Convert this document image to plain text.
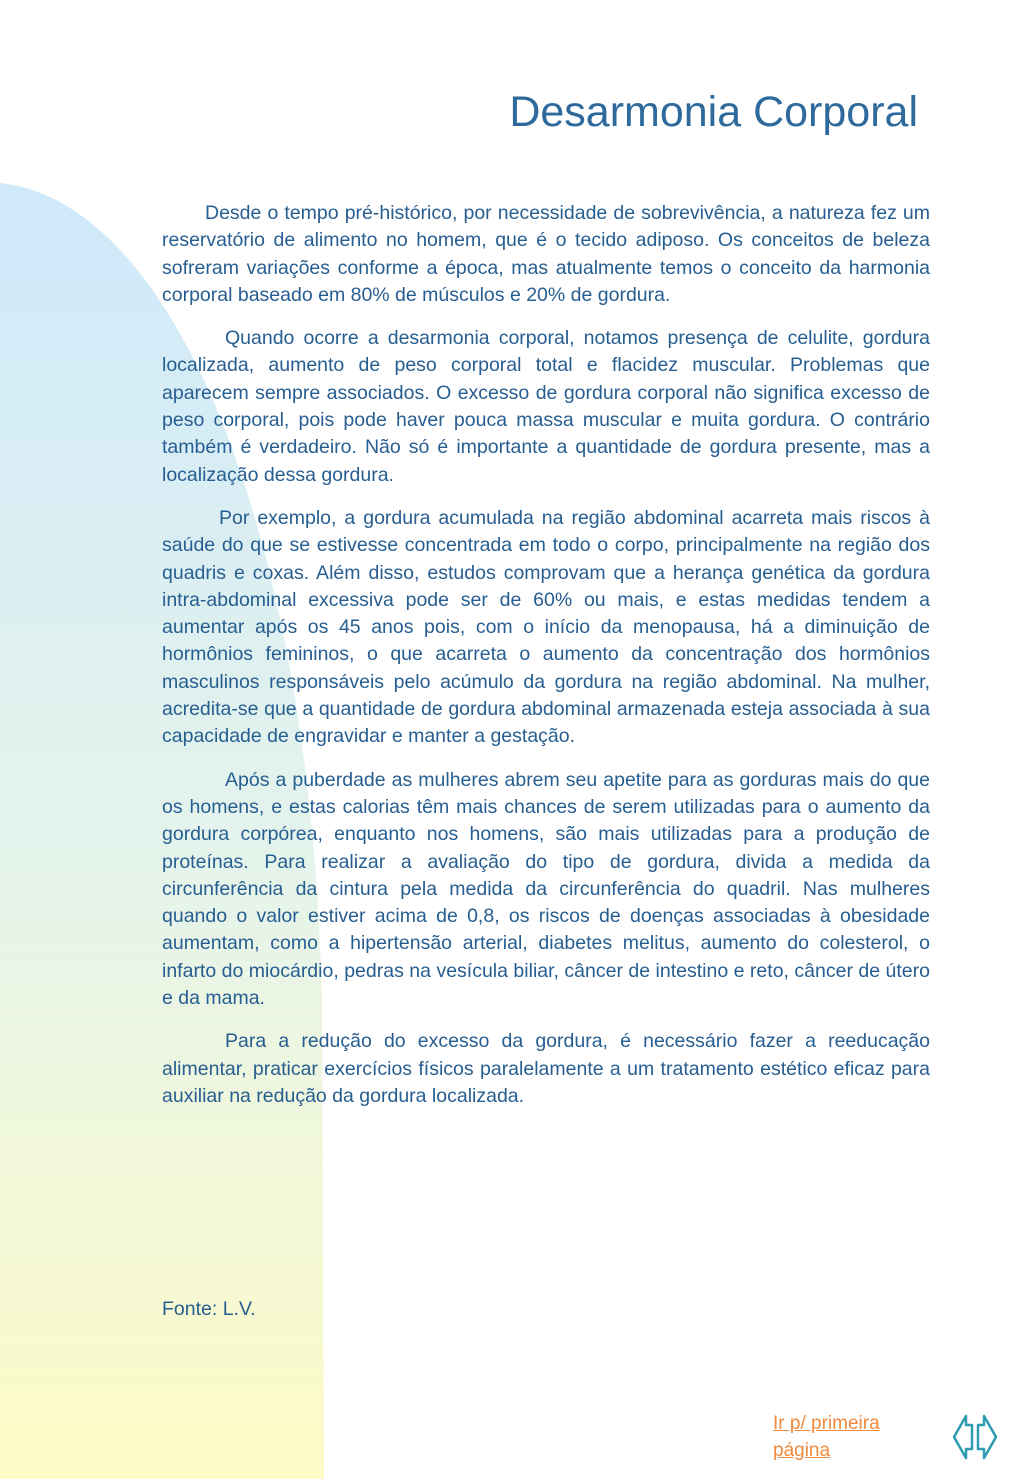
Desarmonia Corporal

Desde o tempo pré-histórico, por necessidade de sobrevivência, a natureza fez um reservatório de alimento no homem, que é o tecido adiposo. Os conceitos de beleza sofreram variações conforme a época, mas atualmente temos o conceito da harmonia corporal baseado em 80% de músculos e 20% de gordura.

Quando ocorre a desarmonia corporal, notamos presença de celulite, gordura localizada, aumento de peso corporal total e flacidez muscular. Problemas que aparecem sempre associados. O excesso de gordura corporal não significa excesso de peso corporal, pois pode haver pouca massa muscular e muita gordura. O contrário também é verdadeiro. Não só é importante a quantidade de gordura presente, mas a localização dessa gordura.

Por exemplo, a gordura acumulada na região abdominal acarreta mais riscos à saúde do que se estivesse concentrada em todo o corpo, principalmente na região dos quadris e coxas. Além disso, estudos comprovam que a herança genética da gordura intra-abdominal excessiva pode ser de 60% ou mais, e estas medidas tendem a aumentar após os 45 anos pois, com o início da menopausa, há a diminuição de hormônios femininos, o que acarreta o aumento da concentração dos hormônios masculinos responsáveis pelo acúmulo da gordura na região abdominal. Na mulher, acredita-se que a quantidade de gordura abdominal armazenada esteja associada à sua capacidade de engravidar e manter a gestação.

Após a puberdade as mulheres abrem seu apetite para as gorduras mais do que os homens, e estas calorias têm mais chances de serem utilizadas para o aumento da gordura corpórea, enquanto nos homens, são mais utilizadas para a produção de proteínas. Para realizar a avaliação do tipo de gordura, divida a medida da circunferência da cintura pela medida da circunferência do quadril. Nas mulheres quando o valor estiver acima de 0,8, os riscos de doenças associadas à obesidade aumentam, como a hipertensão arterial, diabetes melitus, aumento do colesterol, o infarto do miocárdio, pedras na vesícula biliar, câncer de intestino e reto, câncer de útero e da mama.

Para a redução do excesso da gordura, é necessário fazer a reeducação alimentar, praticar exercícios físicos paralelamente a um tratamento estético eficaz para auxiliar na redução da gordura localizada.

Fonte: L.V.
Ir p/ primeira página
